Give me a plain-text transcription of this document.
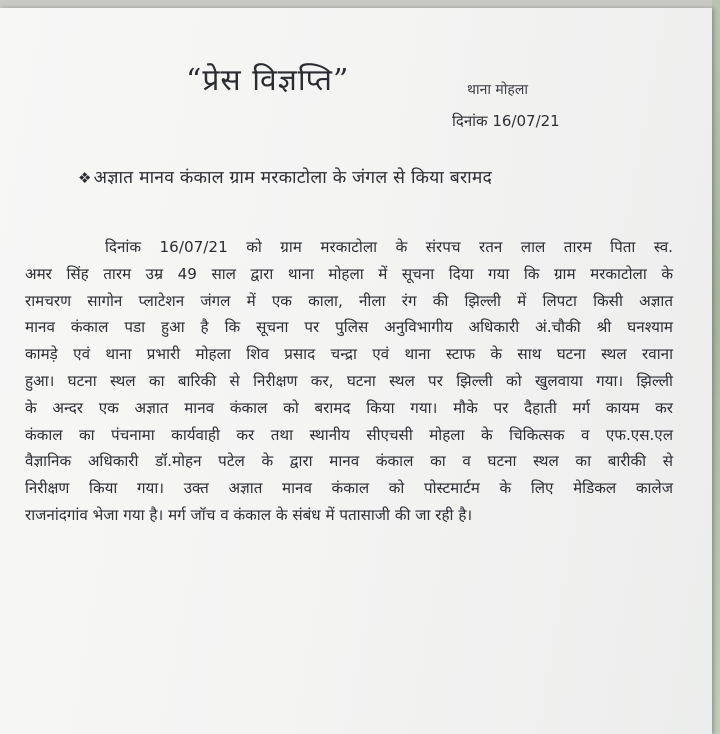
“प्रेस विज्ञप्ति”	थाना मोहला
दिनांक 16/07/21
❖ अज्ञात मानव कंकाल ग्राम मरकाटोला के जंगल से किया बरामद
दिनांक 16/07/21 को ग्राम मरकाटोला के संरपच रतन लाल तारम पिता स्व.
अमर सिंह तारम उम्र 49 साल द्वारा थाना मोहला में सूचना दिया गया कि ग्राम मरकाटोला के
रामचरण सागोन प्लाटेशन जंगल में एक काला, नीला रंग की झिल्ली में लिपटा किसी अज्ञात
मानव कंकाल पडा हुआ है कि सूचना पर पुलिस अनुविभागीय अधिकारी अं.चौकी श्री घनश्याम
कामड़े एवं थाना प्रभारी मोहला शिव प्रसाद चन्द्रा एवं थाना स्टाफ के साथ घटना स्थल रवाना
हुआ। घटना स्थल का बारिकी से निरीक्षण कर, घटना स्थल पर झिल्ली को खुलवाया गया। झिल्ली
के अन्दर एक अज्ञात मानव कंकाल को बरामद किया गया। मौके पर दैहाती मर्ग कायम कर
कंकाल का पंचनामा कार्यवाही कर तथा स्थानीय सीएचसी मोहला के चिकित्सक व एफ.एस.एल
वैज्ञानिक अधिकारी डॉ.मोहन पटेल के द्वारा मानव कंकाल का व घटना स्थल का बारीकी से
निरीक्षण किया गया। उक्त अज्ञात मानव कंकाल को पोस्टमार्टम के लिए मेडिकल कालेज
राजनांदगांव भेजा गया है। मर्ग जॉच व कंकाल के संबंध में पतासाजी की जा रही है।
